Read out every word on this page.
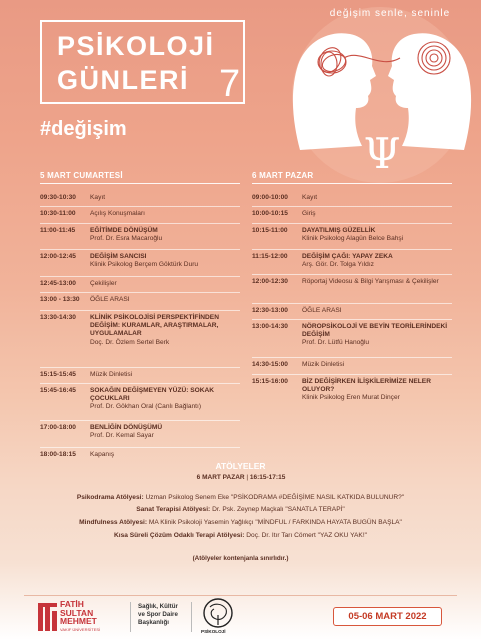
PSİKOLOJİ
GÜNLERİ 7
#değişim
değişim senle, seninle
Ψ
5 MART CUMARTESİ	6 MART PAZAR
09:30-10:30	Kayıt
10:30-11:00	Açılış Konuşmaları
11:00-11:45	EĞİTİMDE DÖNÜŞÜM
Prof. Dr. Esra Macaroğlu
12:00-12:45	DEĞİŞİM SANCISI
Klinik Psikolog Berçem Göktürk Duru
12:45-13:00	Çekilişler
13:00 - 13:30	ÖĞLE ARASI
13:30-14:30	KLİNİK PSİKOLOJİSİ PERSPEKTİFİNDEN DEĞİŞİM: KURAMLAR, ARAŞTIRMALAR, UYGULAMALAR
Doç. Dr. Özlem Sertel Berk
15:15-15:45	Müzik Dinletisi
15:45-16:45	SOKAĞIN DEĞİŞMEYEN YÜZÜ: SOKAK ÇOCUKLARI
Prof. Dr. Gökhan Oral (Canlı Bağlantı)
17:00-18:00	BENLİĞİN DÖNÜŞÜMÜ
Prof. Dr. Kemal Sayar
18:00-18:15	Kapanış
09:00-10:00	Kayıt
10:00-10:15	Giriş
10:15-11:00	DAYATILMIŞ GÜZELLİK
Klinik Psikolog Alagün Belce Bahşi
11:15-12:00	DEĞİŞİM ÇAĞI: YAPAY ZEKA
Arş. Gör. Dr. Tolga Yıldız
12:00-12:30	Röportaj Videosu & Bilgi Yarışması & Çekilişler
12:30-13:00	ÖĞLE ARASI
13:00-14:30	NÖROPSİKOLOJİ VE BEYİN TEORİLERİNDEKİ DEĞİŞİM
Prof. Dr. Lütfü Hanoğlu
14:30-15:00	Müzik Dinletisi
15:15-16:00	BİZ DEĞİŞİRKEN İLİŞKİLERİMİZE NELER OLUYOR?
Klinik Psikolog Eren Murat Dinçer
ATÖLYELER
6 MART PAZAR | 16:15-17:15
Psikodrama Atölyesi: Uzman Psikolog Senem Eke "PSİKODRAMA #DEĞİŞİME NASIL KATKIDA BULUNUR?"
Sanat Terapisi Atölyesi: Dr. Psk. Zeynep Maçkalı "SANATLA TERAPİ"
Mindfulness Atölyesi: MA Klinik Psikoloji Yasemin Yağlıkçı "MİNDFUL / FARKINDA HAYATA BUGÜN BAŞLA"
Kısa Süreli Çözüm Odaklı Terapi Atölyesi: Doç. Dr. Itır Tarı Cömert "YAZ OKU YAK!"
(Atölyeler kontenjanla sınırlıdır.)
FATİH
SULTAN
MEHMET
VAKIF ÜNİVERSİTESİ
Sağlık, Kültür
ve Spor Daire
Başkanlığı
PSİKOLOJİ
05-06 MART 2022
